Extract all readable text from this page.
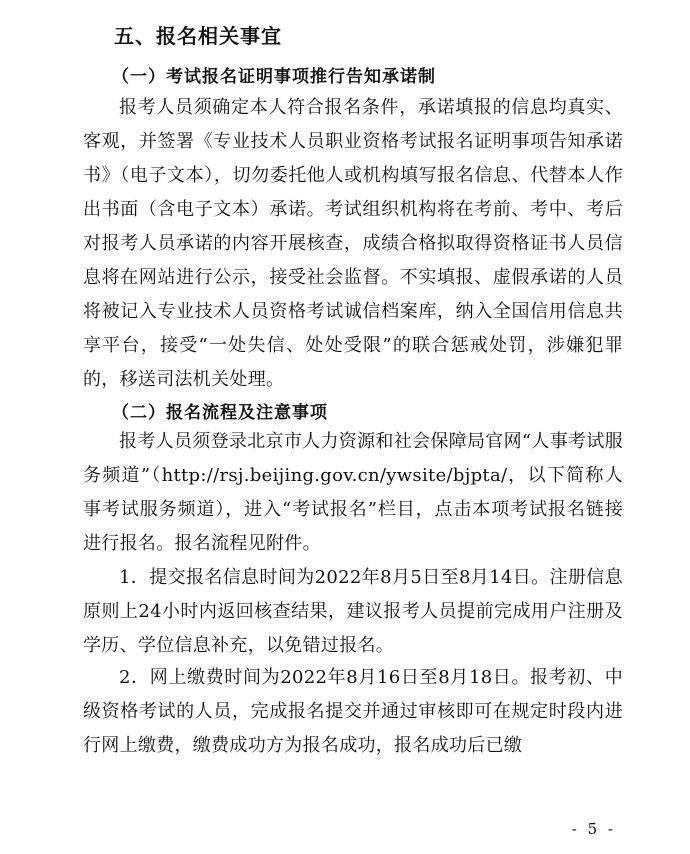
五、报名相关事宜
（一）考试报名证明事项推行告知承诺制
报考人员须确定本人符合报名条件，承诺填报的信息均真实、客观，并签署《专业技术人员职业资格考试报名证明事项告知承诺书》（电子文本），切勿委托他人或机构填写报名信息、代替本人作出书面（含电子文本）承诺。考试组织机构将在考前、考中、考后对报考人员承诺的内容开展核查，成绩合格拟取得资格证书人员信息将在网站进行公示，接受社会监督。不实填报、虚假承诺的人员将被记入专业技术人员资格考试诚信档案库，纳入全国信用信息共享平台，接受“一处失信、处处受限”的联合惩戒处罚，涉嫌犯罪的，移送司法机关处理。
（二）报名流程及注意事项
报考人员须登录北京市人力资源和社会保障局官网“人事考试服务频道”（http://rsj.beijing.gov.cn/ywsite/bjpta/，以下简称人事考试服务频道），进入“考试报名”栏目，点击本项考试报名链接进行报名。报名流程见附件。
1．提交报名信息时间为2022年8月5日至8月14日。注册信息原则上24小时内返回核查结果，建议报考人员提前完成用户注册及学历、学位信息补充，以免错过报名。
2．网上缴费时间为2022年8月16日至8月18日。报考初、中级资格考试的人员，完成报名提交并通过审核即可在规定时段内进行网上缴费，缴费成功方为报名成功，报名成功后已缴
- 5 -
